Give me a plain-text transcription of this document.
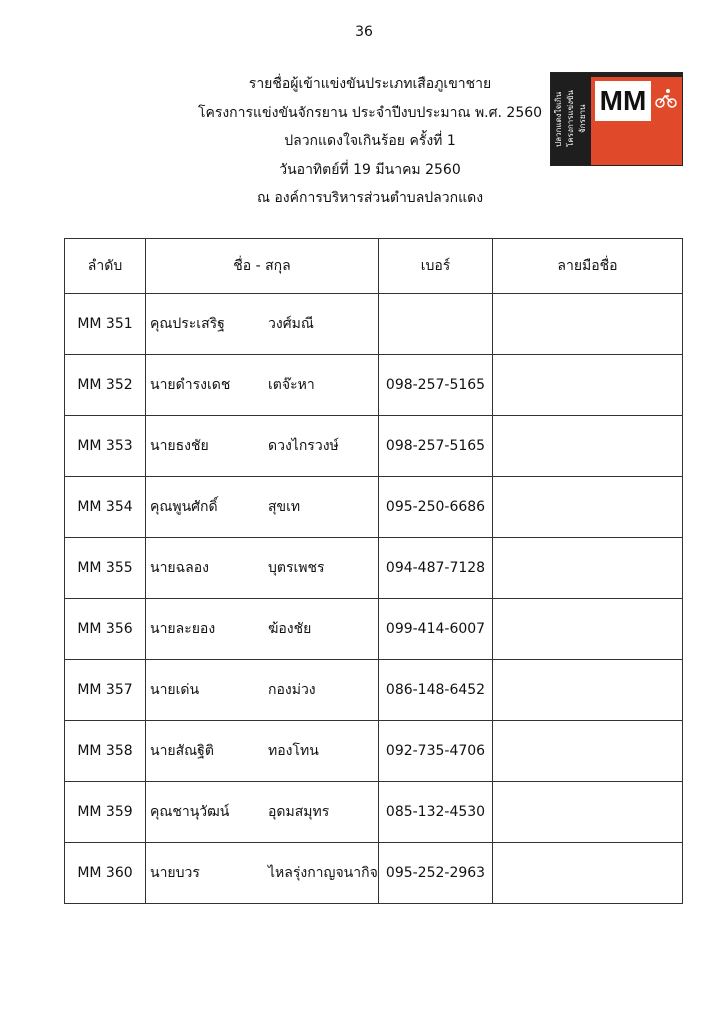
36
รายชื่อผู้เข้าแข่งขันประเภทเสือภูเขาชาย
โครงการแข่งขันจักรยาน ประจำปีงบประมาณ พ.ศ. 2560
ปลวกแดงใจเกินร้อย ครั้งที่ 1
วันอาทิตย์ที่ 19 มีนาคม 2560
ณ องค์การบริหารส่วนตำบลปลวกแดง
ปลวกแดงใจเกิน โครงการแข่งขันจักรยาน
MM
ลำดับ	ชื่อ - สกุล	เบอร์	ลายมือชื่อ
MM 351	คุณประเสริฐ วงศ์มณี		
MM 352	นายดำรงเดช เตจ๊ะหา	098-257-5165	
MM 353	นายธงชัย ดวงไกรวงษ์	098-257-5165	
MM 354	คุณพูนศักดิ์ สุขเท	095-250-6686	
MM 355	นายฉลอง บุตรเพชร	094-487-7128	
MM 356	นายละยอง ฆ้องชัย	099-414-6007	
MM 357	นายเด่น กองม่วง	086-148-6452	
MM 358	นายสัณฐิติ ทองโทน	092-735-4706	
MM 359	คุณชานุวัฒน์ อุดมสมุทร	085-132-4530	
MM 360	นายบวร ไหลรุ่งกาญจนากิจ	095-252-2963	
